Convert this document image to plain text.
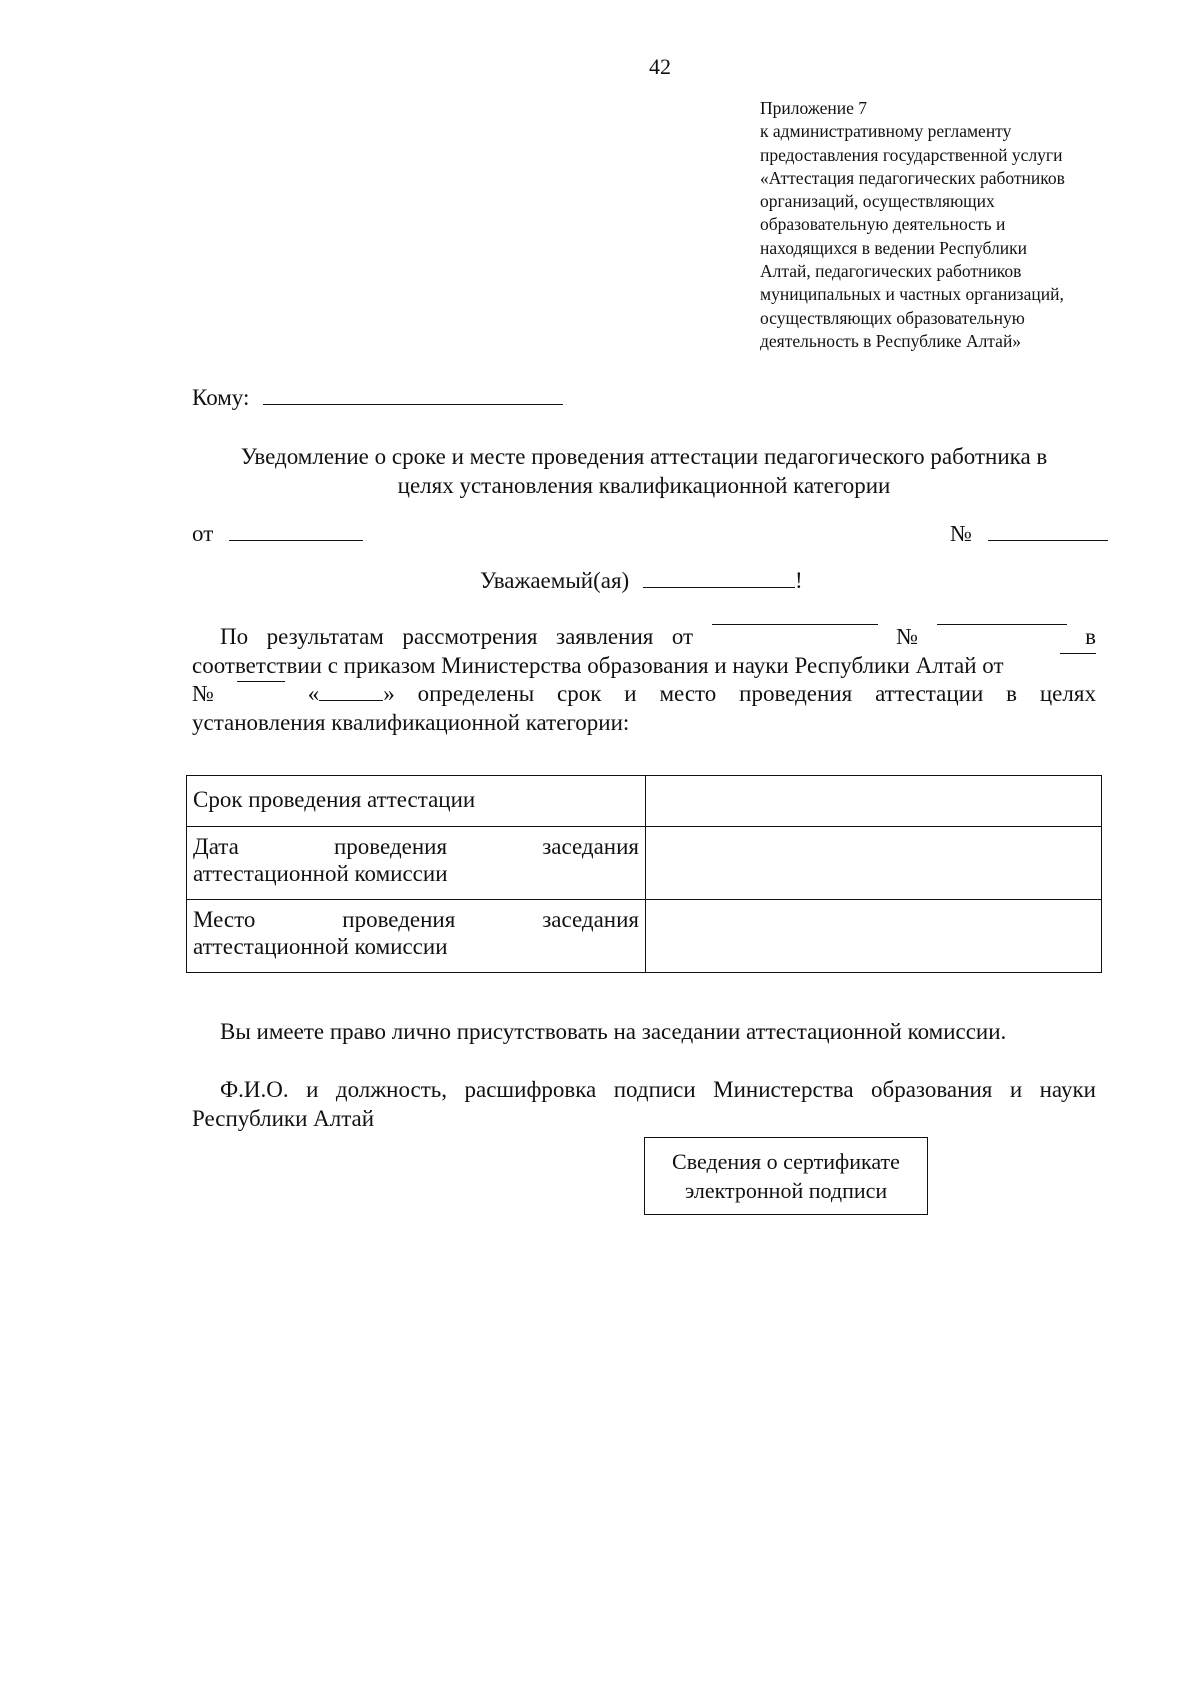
42
Приложение 7
к административному регламенту
предоставления государственной услуги
«Аттестация педагогических работников
организаций, осуществляющих
образовательную деятельность и
находящихся в ведении Республики
Алтай, педагогических работников
муниципальных и частных организаций,
осуществляющих образовательную
деятельность в Республике Алтай»
Кому:
Уведомление о сроке и месте проведения аттестации педагогического работника в
целях установления квалификационной категории
от	№
Уважаемый(ая)	!
По результатам рассмотрения заявления от	№	в
соответствии с приказом Министерства образования и науки Республики Алтай от
№	«	» определены срок и место проведения аттестации в целях
установления квалификационной категории:
Срок проведения аттестации	

Дата проведения заседания
аттестационной комиссии	

Место проведения заседания
аттестационной комиссии	

Вы имеете право лично присутствовать на заседании аттестационной комиссии.
Ф.И.О. и должность, расшифровка подписи Министерства образования и науки
Республики Алтай
Сведения о сертификате
электронной подписи
